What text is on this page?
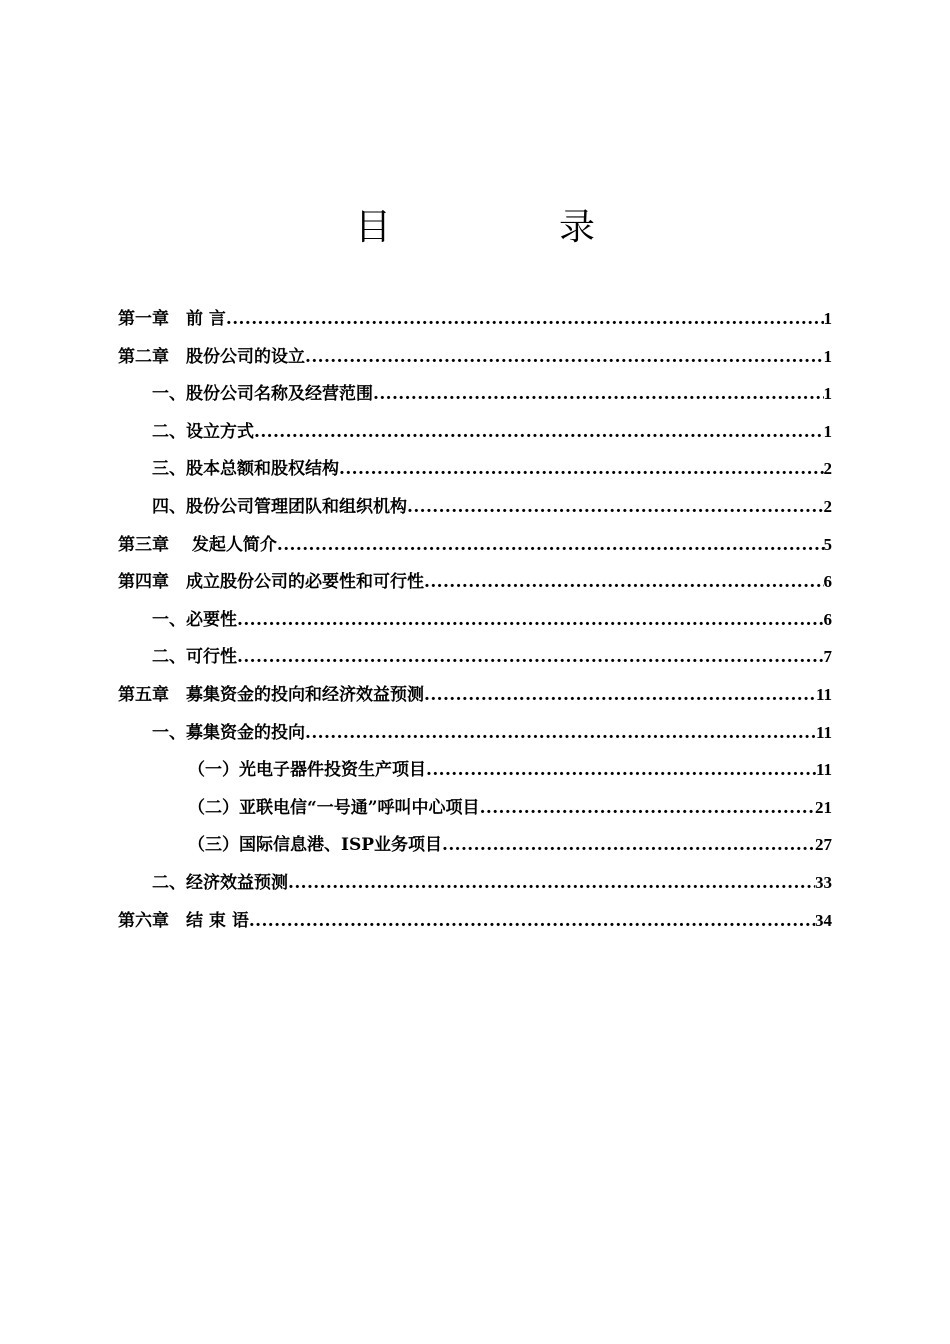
目　录
第一章　前 言 .....	1
第二章　股份公司的设立 .....	1
一、股份公司名称及经营范围 .....	1
二、设立方式 .....	1
三、股本总额和股权结构 .....	2
四、股份公司管理团队和组织机构 .....	2
第三章　 发起人简介 .....	5
第四章　成立股份公司的必要性和可行性 .....	6
一、必要性 .....	6
二、可行性 .....	7
第五章　募集资金的投向和经济效益预测 .....	11
一、募集资金的投向 .....	11
（一）光电子器件投资生产项目 .....	11
（二）亚联电信“一号通”呼叫中心项目 .....	21
（三）国际信息港、ISP业务项目 .....	27
二、经济效益预测 .....	33
第六章　结 束 语 .....	34
